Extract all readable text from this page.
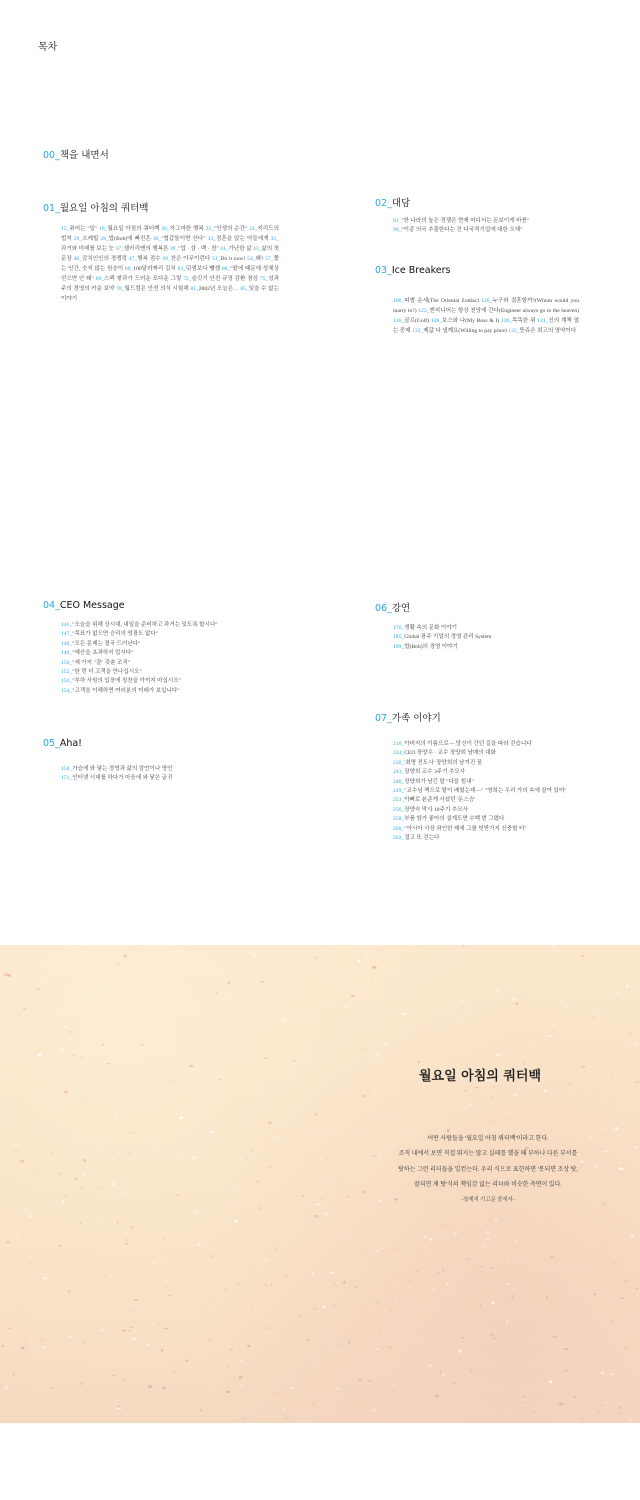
목차
00_책을 내면서
01_월요일 아침의 쿼터백
15_쥐어는 "일" 18_월요일 아침의 쿼터백 20_자그마한 행복 22_"인생의 순간" 24_지리드의 법칙 26_오케힐 28_밥(Bob)에 빠진흔 30_"협갑돌이면 산다" 33_정혼을 앉는 아들에게 35_과거와 미래를 보는 눈 37_샐러리맨의 행복론 39_"업 · 삼 · 백 · 천" 41_가난한 삶 43_삶의 첫 문장 46_감치인인의 경쟁력 47_행복 점수 49_찬은 아무이런다 51_Do it now! 54_왜? 57_쫓는 인간, 숫지 않는 원숭이 60_100달러짜리 김치 63_덧셈보다 뺄셈 66_"딸에 때문에 성체상 얻으면 안 돼" 69_스펙 쌓과가 드러운 포다운 그렇 72_슬깃기 안전 규정 감환 점섬 75_성과주의 경영의 카운 보약 78_월드컴은 안전 의식 시험해 81_2002년 오늘은… 85_잊을 수 없는 이야기
02_대담
91 _ "한 나라의 높은 경쟁은 현재 어디서는 돈보이게 바뀐"
99 _ "이종 의국 추출한다는 건 다국적기업에 대한 오해"
03_Ice Breakers
106_띠별 운세(The Oriental Zodiac) 120_누구와 결혼할까?(Whom would you marry to?) 123_엔지니어는 항상 천당에 간다(Engineer always go to the heaven) 126_골프(Golf) 128_보스와 나(My Boss & I) 130_똑똑한 쥐 131_신의 계책 열는 중매 133_제값 다 낼께요(Willing to pay price) 135_뜻쥬은 최고의 영약이다
04_CEO Message
146 _ "오늘을 위해 상시대, 내일을 준비하고 과거는 잊도록 합시다"
147 _ "목표가 없으면 승리의 영광도 없다"
148 _ "모든 문제는 결국 드러난다"
149 _ "예산을 초과하지 맙시다"
150 _ "세 가지 "결" 갖춘 조직"
152 _ "한 번 더 고객을 만나십시오"
153 _ "부하 사원의 입장에 칭찬을 아끼지 마십시오"
154 _ "고객을 이해하면 여러분의 미래가 보입니다"
05_Aha!
158 _ 가슴에 와 닿는 경영과 삶의 잠언이나 명언
171 _ 인터넷 시대를 하다가 마음에 와 닿은 글귀
06_강연
176 _ 생활 속의 문화 이야기
185 _ Global 광주 기업의 경영 관리 System
199 _ 밥(Bob)의 경영 이야기
07_가족 이야기
216 _ 아버지의 이름으로— 당신이 간던 길을 따라 걷습니다
224 _ CEO 장양우 · 교수 장양희 남매의 대화
230 _ '최명 전도사' 장양희의 남겨진 꿈
243 _ 장양희 교수 3주기 추모사
246 _ 장양희가 남긴 말 "다들 힘내"
249 _ "교수님 책으로 딸이 배웠는데—" "영희는 우리 가의 속에 살아 있어"
253 _ 아빠로 윤준게 사셨던 '돈스승'
256 _ 장양숙 막사 10주기 추모사
258 _ 부품 함가 좋아의 설계도면 수백 번 그렸다
260 _ "아시아 사장 좌인한 제에 그를 빗받가지 신충할 터"
262 _ 결고 또 걷는다
월요일 아침의 쿼터백
어떤 사람들을 '월요일 아침 쿼터백'이라고 한다.
조직 내에서 보면 직접 뛰지는 않고 실패를 했을 때 부하나 다른 부서를
탓하는 그런 리더들을 일컫는다. 우리 식으로 표현하면 '못되면 조상 탓,
잘되면 제 탓'식의 책임감 없는 리더와 비슷한 측면이 있다.
-장제지 기고문 중에서-
